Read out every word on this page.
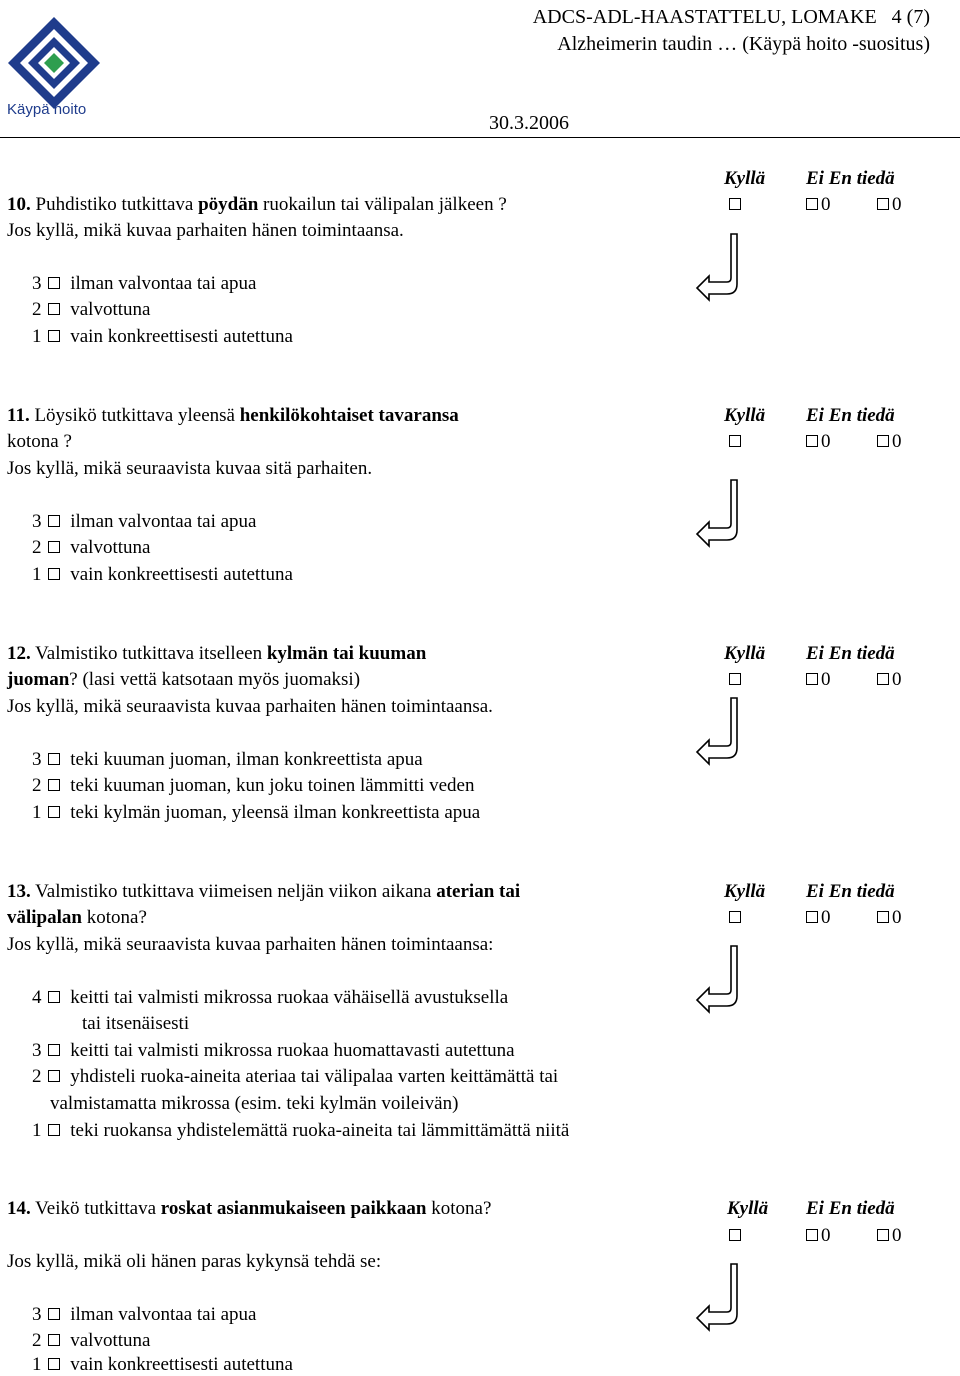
Käypä hoito
ADCS-ADL-HAASTATTELU, LOMAKE 4 (7)
Alzheimerin taudin … (Käypä hoito -suositus)
30.3.2006
Kyllä Ei En tiedä
10. Puhdistiko tutkittava pöydän ruokailun tai välipalan jälkeen ?	0	0
Jos kyllä, mikä kuvaa parhaiten hänen toimintaansa.
3 ilman valvontaa tai apua
2 valvottuna
1 vain konkreettisesti autettuna
11. Löysikö tutkittava yleensä henkilökohtaiset tavaransa	Kyllä Ei En tiedä
kotona ?	0	0
Jos kyllä, mikä seuraavista kuvaa sitä parhaiten.
3 ilman valvontaa tai apua
2 valvottuna
1 vain konkreettisesti autettuna
12. Valmistiko tutkittava itselleen kylmän tai kuuman	Kyllä Ei En tiedä
juoman? (lasi vettä katsotaan myös juomaksi)	0	0
Jos kyllä, mikä seuraavista kuvaa parhaiten hänen toimintaansa.
3 teki kuuman juoman, ilman konkreettista apua
2 teki kuuman juoman, kun joku toinen lämmitti veden
1 teki kylmän juoman, yleensä ilman konkreettista apua
13. Valmistiko tutkittava viimeisen neljän viikon aikana aterian tai	Kyllä Ei En tiedä
välipalan kotona?	0	0
Jos kyllä, mikä seuraavista kuvaa parhaiten hänen toimintaansa:
4 keitti tai valmisti mikrossa ruokaa vähäisellä avustuksella
tai itsenäisesti
3 keitti tai valmisti mikrossa ruokaa huomattavasti autettuna
2 yhdisteli ruoka-aineita ateriaa tai välipalaa varten keittämättä tai
valmistamatta mikrossa (esim. teki kylmän voileivän)
1 teki ruokansa yhdistelemättä ruoka-aineita tai lämmittämättä niitä
14. Veikö tutkittava roskat asianmukaiseen paikkaan kotona?	Kyllä Ei En tiedä
0	0
Jos kyllä, mikä oli hänen paras kykynsä tehdä se:
3 ilman valvontaa tai apua
2 valvottuna
1 vain konkreettisesti autettuna
